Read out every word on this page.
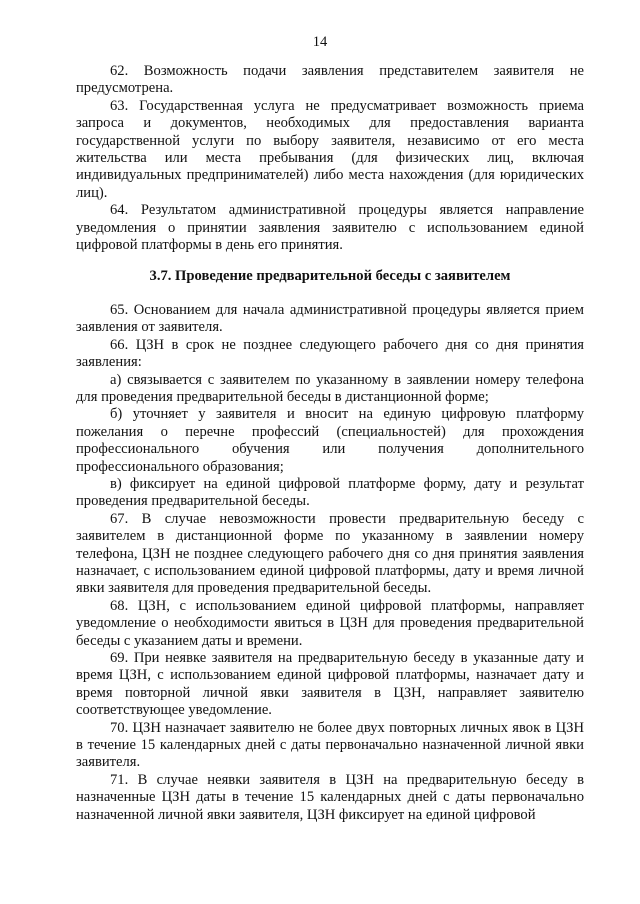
14

62. Возможность подачи заявления представителем заявителя не предусмотрена.

63. Государственная услуга не предусматривает возможность приема запроса и документов, необходимых для предоставления варианта государственной услуги по выбору заявителя, независимо от его места жительства или места пребывания (для физических лиц, включая индивидуальных предпринимателей) либо места нахождения (для юридических лиц).

64. Результатом административной процедуры является направление уведомления о принятии заявления заявителю с использованием единой цифровой платформы в день его принятия.

3.7. Проведение предварительной беседы с заявителем

65. Основанием для начала административной процедуры является прием заявления от заявителя.

66. ЦЗН в срок не позднее следующего рабочего дня со дня принятия заявления:

а) связывается с заявителем по указанному в заявлении номеру телефона для проведения предварительной беседы в дистанционной форме;

б) уточняет у заявителя и вносит на единую цифровую платформу пожелания о перечне профессий (специальностей) для прохождения профессионального обучения или получения дополнительного профессионального образования;

в) фиксирует на единой цифровой платформе форму, дату и результат проведения предварительной беседы.

67. В случае невозможности провести предварительную беседу с заявителем в дистанционной форме по указанному в заявлении номеру телефона, ЦЗН не позднее следующего рабочего дня со дня принятия заявления назначает, с использованием единой цифровой платформы, дату и время личной явки заявителя для проведения предварительной беседы.

68. ЦЗН, с использованием единой цифровой платформы, направляет уведомление о необходимости явиться в ЦЗН для проведения предварительной беседы с указанием даты и времени.

69. При неявке заявителя на предварительную беседу в указанные дату и время ЦЗН, с использованием единой цифровой платформы, назначает дату и время повторной личной явки заявителя в ЦЗН, направляет заявителю соответствующее уведомление.

70. ЦЗН назначает заявителю не более двух повторных личных явок в ЦЗН в течение 15 календарных дней с даты первоначально назначенной личной явки заявителя.

71. В случае неявки заявителя в ЦЗН на предварительную беседу в назначенные ЦЗН даты в течение 15 календарных дней с даты первоначально назначенной личной явки заявителя, ЦЗН фиксирует на единой цифровой
